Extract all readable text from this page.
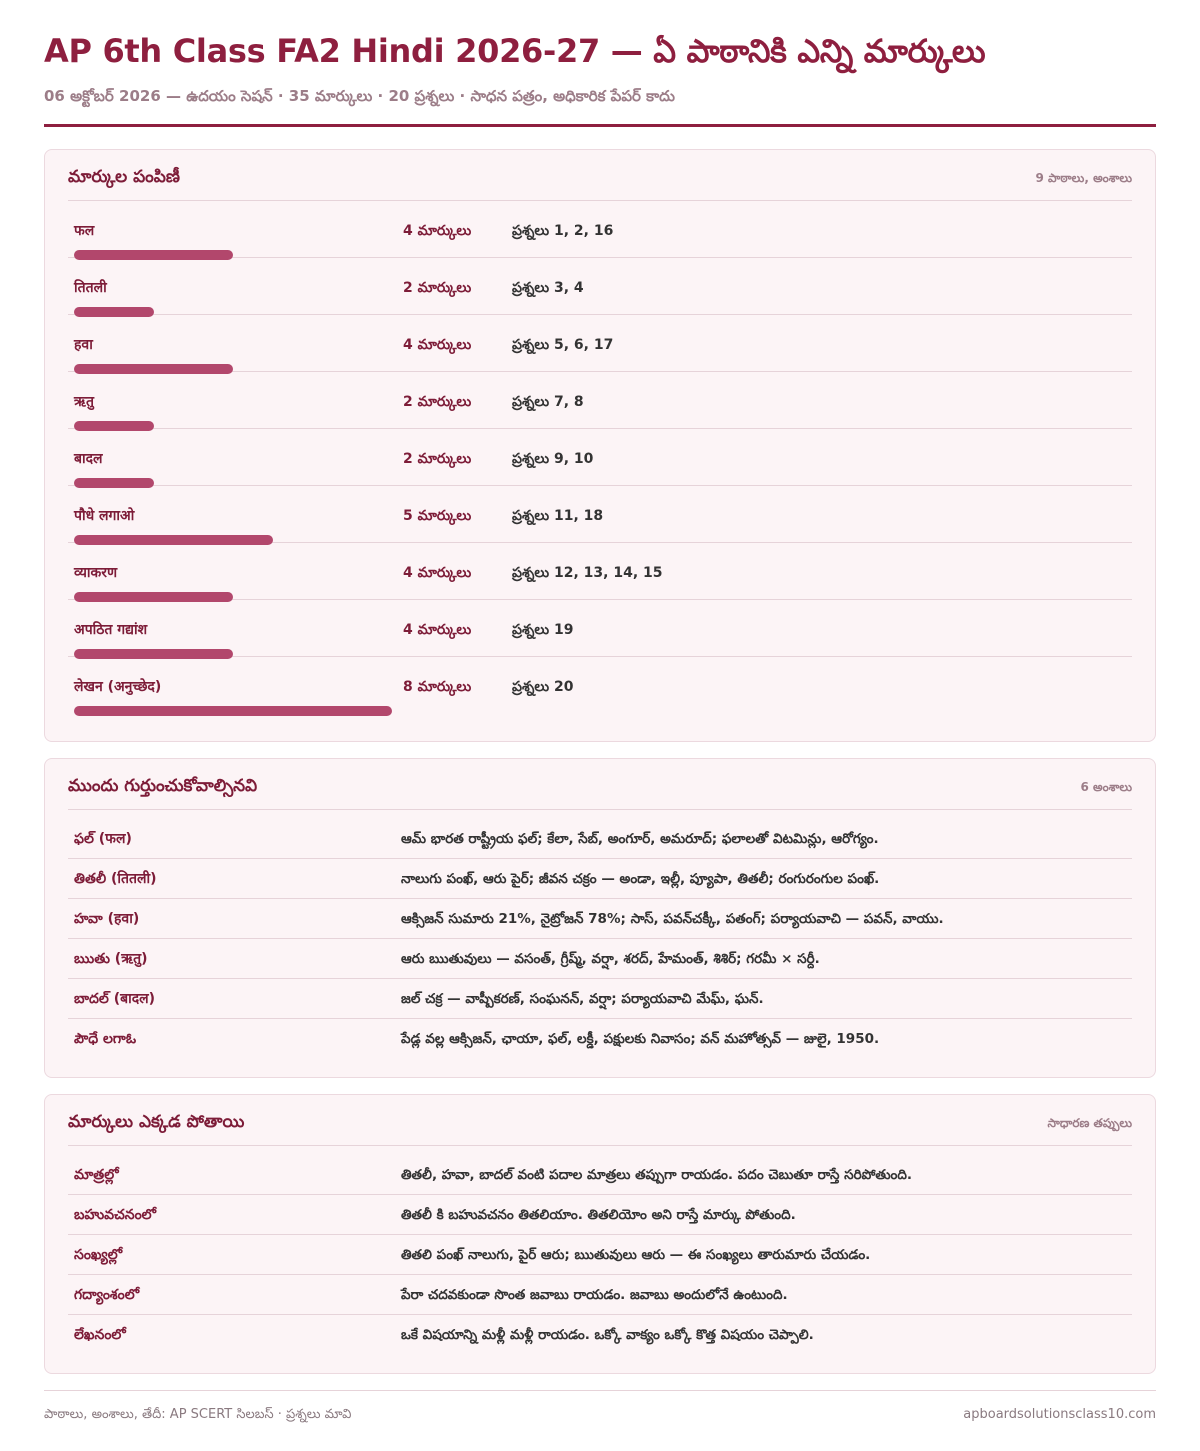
AP 6th Class FA2 Hindi 2026-27 — ఏ పాఠానికి ఎన్ని మార్కులు
06 అక్టోబర్ 2026 — ఉదయం సెషన్ · 35 మార్కులు · 20 ప్రశ్నలు · సాధన పత్రం, అధికారిక పేపర్ కాదు
మార్కుల పంపిణీ	9 పాఠాలు, అంశాలు
फल	4 మార్కులు	ప్రశ్నలు 1, 2, 16
तितली	2 మార్కులు	ప్రశ్నలు 3, 4
हवा	4 మార్కులు	ప్రశ్నలు 5, 6, 17
ऋतु	2 మార్కులు	ప్రశ్నలు 7, 8
बादल	2 మార్కులు	ప్రశ్నలు 9, 10
पौधे लगाओ	5 మార్కులు	ప్రశ్నలు 11, 18
व्याकरण	4 మార్కులు	ప్రశ్నలు 12, 13, 14, 15
अपठित गद्यांश	4 మార్కులు	ప్రశ్నలు 19
लेखन (अनुच्छेद)	8 మార్కులు	ప్రశ్నలు 20
ముందు గుర్తుంచుకోవాల్సినవి	6 అంశాలు
ఫల్ (फल)	ఆమ్ భారత రాష్ట్రీయ ఫల్; కేలా, సేబ్, అంగూర్, అమరూద్; ఫలాలతో విటమిన్లు, ఆరోగ్యం.
తితలీ (तितली)	నాలుగు పంఖ్, ఆరు పైర్; జీవన చక్రం — అండా, ఇల్లీ, ప్యూపా, తితలీ; రంగురంగుల పంఖ్.
హవా (हवा)	ఆక్సిజన్ సుమారు 21%, నైట్రోజన్ 78%; సాస్, పవన్‌చక్కీ, పతంగ్; పర్యాయవాచి — పవన్, వాయు.
ఋతు (ऋतु)	ఆరు ఋతువులు — వసంత్, గ్రీష్మ్, వర్షా, శరద్, హేమంత్, శిశిర్; గరమీ × సర్దీ.
బాదల్ (बादल)	జల్ చక్ర — వాష్పీకరణ్, సంఘనన్, వర్షా; పర్యాయవాచి మేఘ్, ఘన్.
పౌధే లగాఓ	పేడ్ల వల్ల ఆక్సిజన్, ఛాయా, ఫల్, లక్డీ, పక్షులకు నివాసం; వన్ మహోత్సవ్ — జులై, 1950.
మార్కులు ఎక్కడ పోతాయి	సాధారణ తప్పులు
మాత్రల్లో	తితలీ, హవా, బాదల్ వంటి పదాల మాత్రలు తప్పుగా రాయడం. పదం చెబుతూ రాస్తే సరిపోతుంది.
బహువచనంలో	తితలీ కి బహువచనం తితలియాం. తితలియోం అని రాస్తే మార్కు పోతుంది.
సంఖ్యల్లో	తితలి పంఖ్ నాలుగు, పైర్ ఆరు; ఋతువులు ఆరు — ఈ సంఖ్యలు తారుమారు చేయడం.
గద్యాంశంలో	పేరా చదవకుండా సొంత జవాబు రాయడం. జవాబు అందులోనే ఉంటుంది.
లేఖనంలో	ఒకే విషయాన్ని మళ్లీ మళ్లీ రాయడం. ఒక్కో వాక్యం ఒక్కో కొత్త విషయం చెప్పాలి.
పాఠాలు, అంశాలు, తేదీ: AP SCERT సిలబస్ · ప్రశ్నలు మావి	apboardsolutionsclass10.com
